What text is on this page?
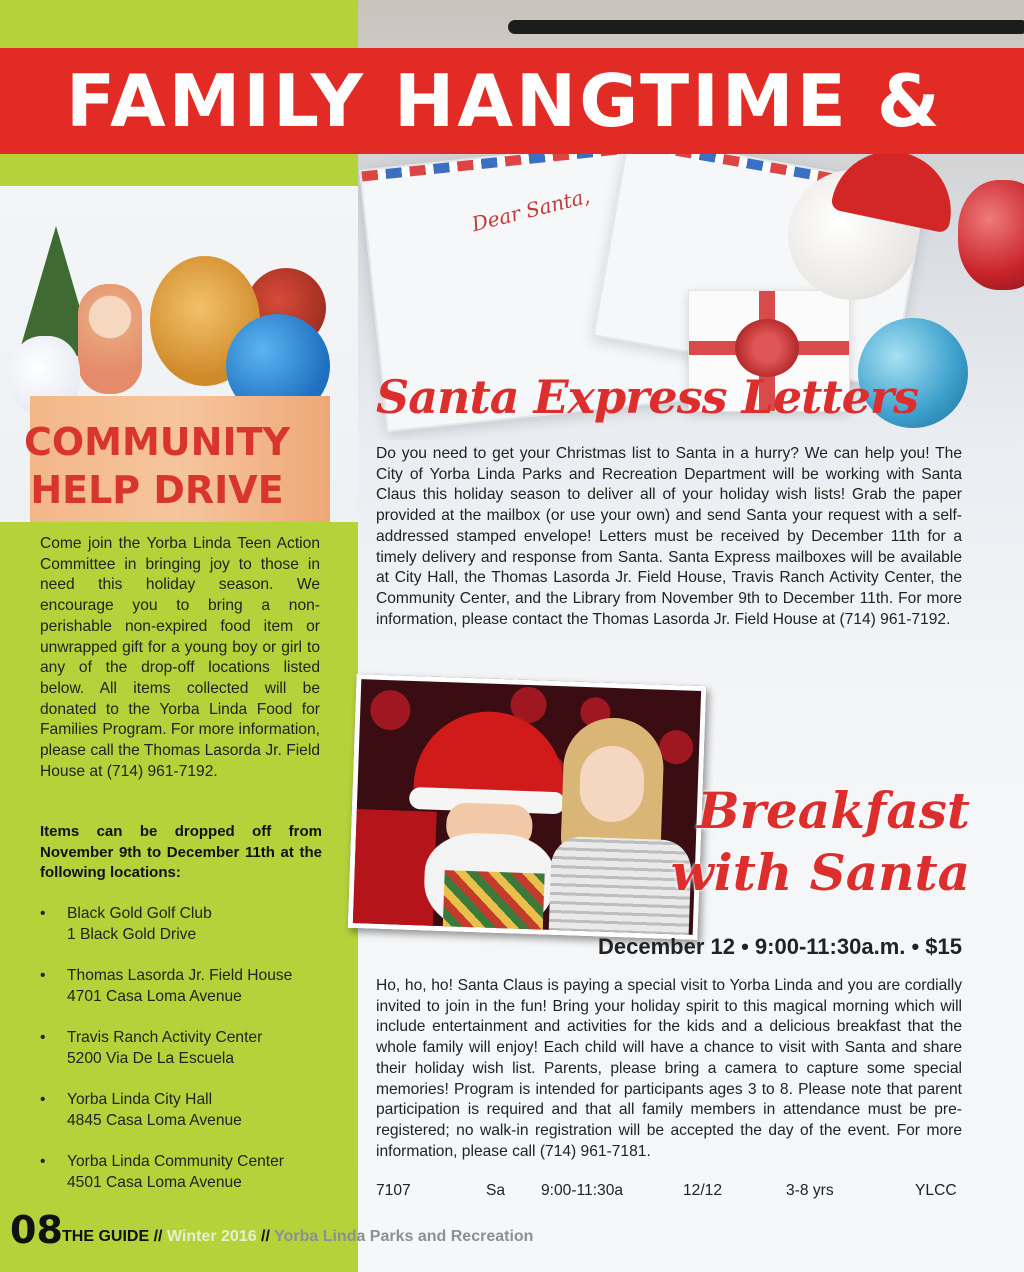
Dear Santa,
FAMILY HANGTIME &
COMMUNITY
HELP DRIVE
Come join the Yorba Linda Teen Action Committee in bringing joy to those in need this holiday season. We encourage you to bring a non-perishable non-expired food item or unwrapped gift for a young boy or girl to any of the drop-off locations listed below. All items collected will be donated to the Yorba Linda Food for Families Program. For more information, please call the Thomas Lasorda Jr. Field House at (714) 961-7192.
Items can be dropped off from November 9th to December 11th at the following locations:
• Black Gold Golf Club
1 Black Gold Drive
• Thomas Lasorda Jr. Field House
4701 Casa Loma Avenue
• Travis Ranch Activity Center
5200 Via De La Escuela
• Yorba Linda City Hall
4845 Casa Loma Avenue
• Yorba Linda Community Center
4501 Casa Loma Avenue
Santa Express Letters
Do you need to get your Christmas list to Santa in a hurry? We can help you! The City of Yorba Linda Parks and Recreation Department will be working with Santa Claus this holiday season to deliver all of your holiday wish lists! Grab the paper provided at the mailbox (or use your own) and send Santa your request with a self-addressed stamped envelope! Letters must be received by December 11th for a timely delivery and response from Santa. Santa Express mailboxes will be available at City Hall, the Thomas Lasorda Jr. Field House, Travis Ranch Activity Center, the Community Center, and the Library from November 9th to December 11th. For more information, please contact the Thomas Lasorda Jr. Field House at (714) 961-7192.
Breakfast
with Santa
December 12 • 9:00-11:30a.m. • $15
Ho, ho, ho! Santa Claus is paying a special visit to Yorba Linda and you are cordially invited to join in the fun! Bring your holiday spirit to this magical morning which will include entertainment and activities for the kids and a delicious breakfast that the whole family will enjoy! Each child will have a chance to visit with Santa and share their holiday wish list. Parents, please bring a camera to capture some special memories! Program is intended for participants ages 3 to 8. Please note that parent participation is required and that all family members in attendance must be pre-registered; no walk-in registration will be accepted the day of the event. For more information, please call (714) 961-7181.
7107	Sa 9:00-11:30a	12/12	3-8 yrs	YLCC
08 THE GUIDE // Winter 2016 // Yorba Linda Parks and Recreation
